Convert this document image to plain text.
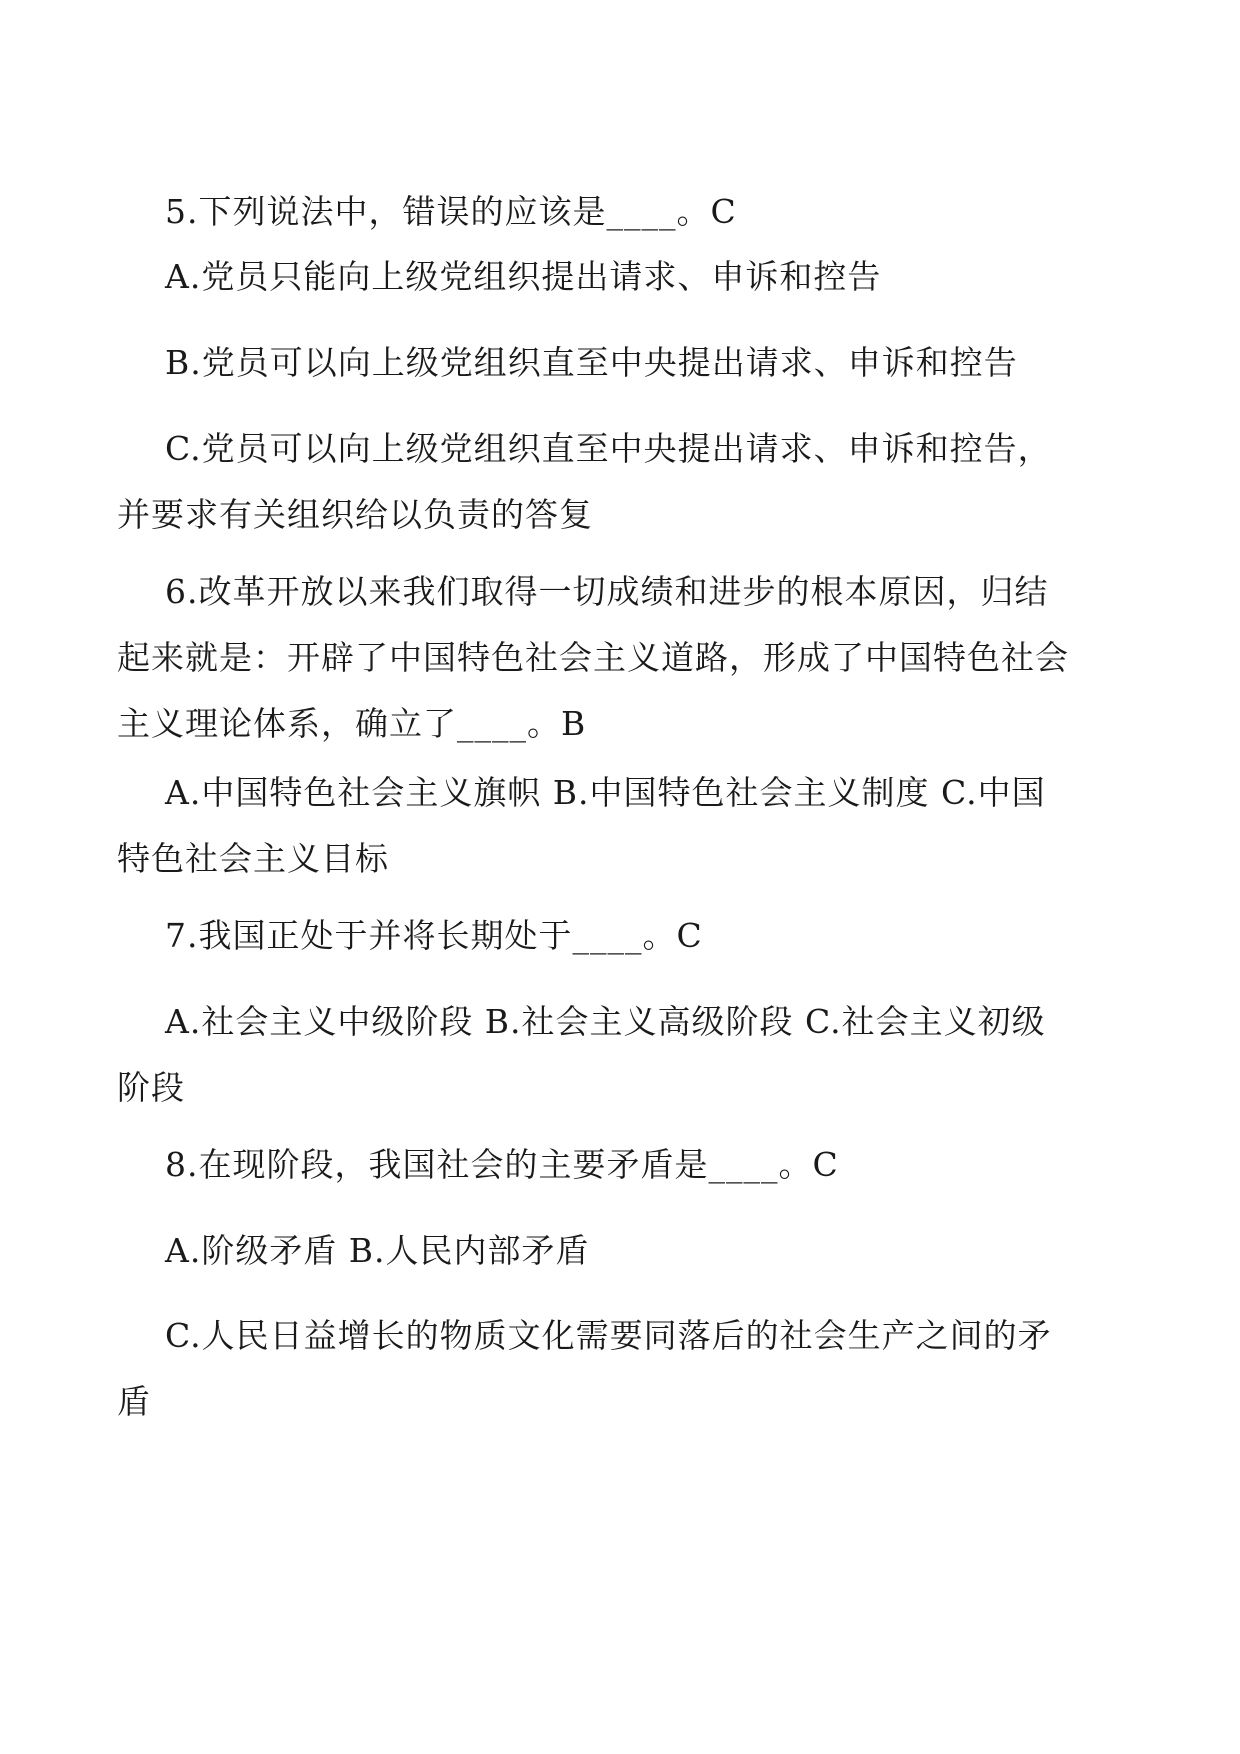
5.下列说法中，错误的应该是____。C

A.党员只能向上级党组织提出请求、申诉和控告

B.党员可以向上级党组织直至中央提出请求、申诉和控告

C.党员可以向上级党组织直至中央提出请求、申诉和控告，并要求有关组织给以负责的答复

6.改革开放以来我们取得一切成绩和进步的根本原因，归结起来就是：开辟了中国特色社会主义道路，形成了中国特色社会主义理论体系，确立了____。B

A.中国特色社会主义旗帜 B.中国特色社会主义制度 C.中国特色社会主义目标

7.我国正处于并将长期处于____。C

A.社会主义中级阶段 B.社会主义高级阶段 C.社会主义初级阶段

8.在现阶段，我国社会的主要矛盾是____。C

A.阶级矛盾 B.人民内部矛盾

C.人民日益增长的物质文化需要同落后的社会生产之间的矛盾
